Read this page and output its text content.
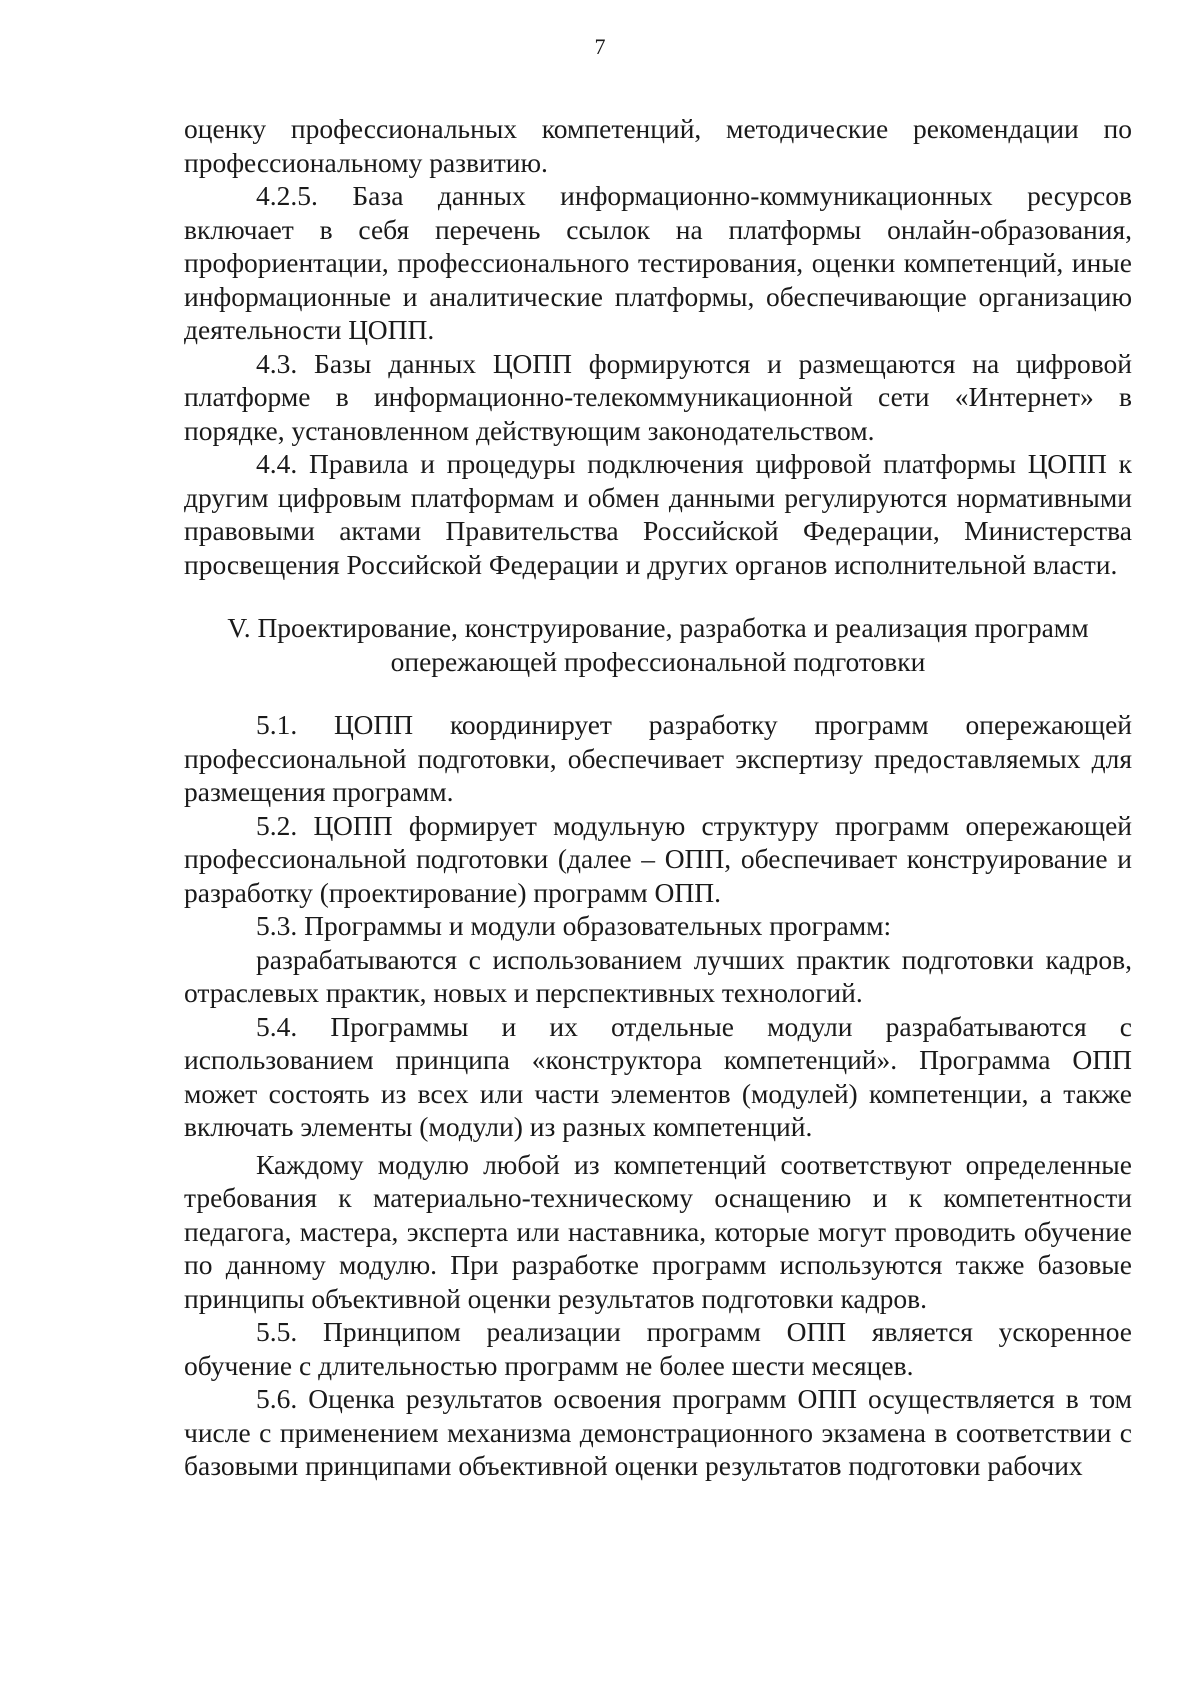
7

оценку профессиональных компетенций, методические рекомендации по профессиональному развитию.

4.2.5. База данных информационно-коммуникационных ресурсов включает в себя перечень ссылок на платформы онлайн-образования, профориентации, профессионального тестирования, оценки компетенций, иные информационные и аналитические платформы, обеспечивающие организацию деятельности ЦОПП.

4.3. Базы данных ЦОПП формируются и размещаются на цифровой платформе в информационно-телекоммуникационной сети «Интернет» в порядке, установленном действующим законодательством.

4.4. Правила и процедуры подключения цифровой платформы ЦОПП к другим цифровым платформам и обмен данными регулируются нормативными правовыми актами Правительства Российской Федерации, Министерства просвещения Российской Федерации и других органов исполнительной власти.

V. Проектирование, конструирование, разработка и реализация программ
опережающей профессиональной подготовки

5.1. ЦОПП координирует разработку программ опережающей профессиональной подготовки, обеспечивает экспертизу предоставляемых для размещения программ.

5.2. ЦОПП формирует модульную структуру программ опережающей профессиональной подготовки (далее – ОПП, обеспечивает конструирование и разработку (проектирование) программ ОПП.

5.3. Программы и модули образовательных программ:

разрабатываются с использованием лучших практик подготовки кадров, отраслевых практик, новых и перспективных технологий.

5.4. Программы и их отдельные модули разрабатываются с использованием принципа «конструктора компетенций». Программа ОПП может состоять из всех или части элементов (модулей) компетенции, а также включать элементы (модули) из разных компетенций.

Каждому модулю любой из компетенций соответствуют определенные требования к материально-техническому оснащению и к компетентности педагога, мастера, эксперта или наставника, которые могут проводить обучение по данному модулю. При разработке программ используются также базовые принципы объективной оценки результатов подготовки кадров.

5.5. Принципом реализации программ ОПП является ускоренное обучение с длительностью программ не более шести месяцев.

5.6. Оценка результатов освоения программ ОПП осуществляется в том числе с применением механизма демонстрационного экзамена в соответствии с базовыми принципами объективной оценки результатов подготовки рабочих
